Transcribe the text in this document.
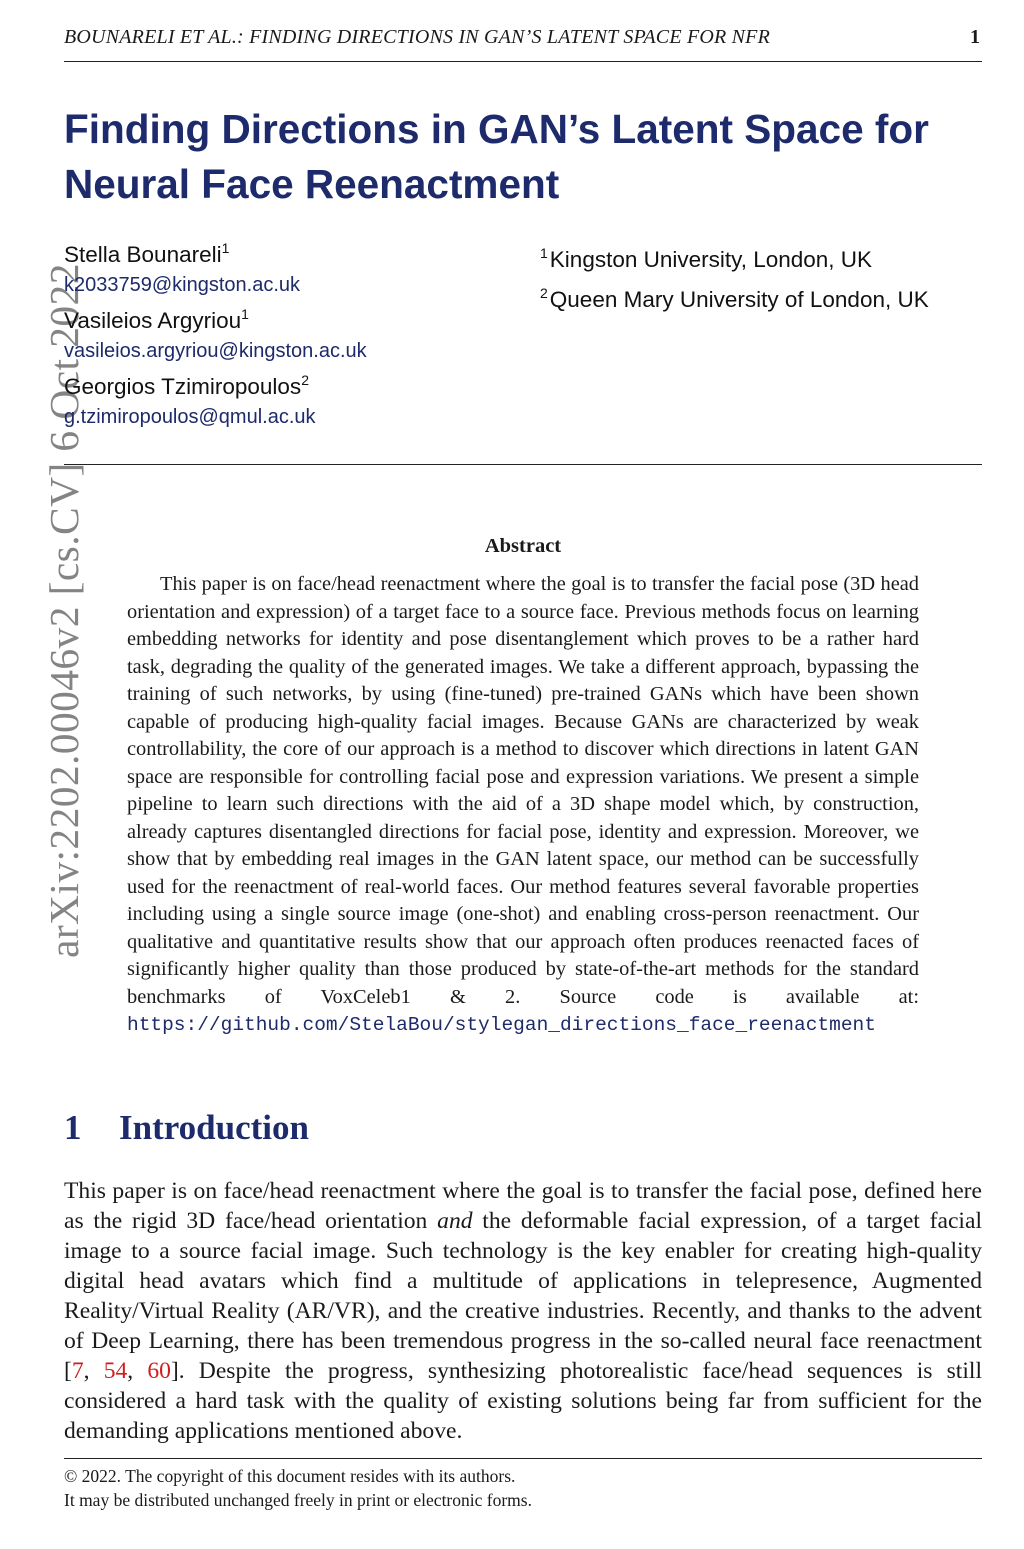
BOUNARELI ET AL.: FINDING DIRECTIONS IN GAN’S LATENT SPACE FOR NFR	1
arXiv:2202.00046v2 [cs.CV] 6 Oct 2022
Finding Directions in GAN’s Latent Space for
Neural Face Reenactment
Stella Bounareli$^1$
k2033759@kingston.ac.uk
Vasileios Argyriou$^1$
vasileios.argyriou@kingston.ac.uk
Georgios Tzimiropoulos$^2$
g.tzimiropoulos@qmul.ac.uk
$^1$Kingston University, London, UK
$^2$Queen Mary University of London, UK
Abstract

This paper is on face/head reenactment where the goal is to transfer the facial pose (3D head orientation and expression) of a target face to a source face. Previous methods focus on learning embedding networks for identity and pose disentanglement which proves to be a rather hard task, degrading the quality of the generated images. We take a different approach, bypassing the training of such networks, by using (fine-tuned) pre-trained GANs which have been shown capable of producing high-quality facial images. Because GANs are characterized by weak controllability, the core of our approach is a method to discover which directions in latent GAN space are responsible for controlling facial pose and expression variations. We present a simple pipeline to learn such directions with the aid of a 3D shape model which, by construction, already captures disentangled directions for facial pose, identity and expression. Moreover, we show that by embedding real images in the GAN latent space, our method can be successfully used for the reenactment of real-world faces. Our method features several favorable properties including using a single source image (one-shot) and enabling cross-person reenactment. Our qualitative and quantitative results show that our approach often produces reenacted faces of significantly higher quality than those produced by state-of-the-art methods for the standard benchmarks of VoxCeleb1 & 2. Source code is available at: https://github.com/StelaBou/stylegan_directions_face_reenactment

1 Introduction

This paper is on face/head reenactment where the goal is to transfer the facial pose, defined here as the rigid 3D face/head orientation and the deformable facial expression, of a target facial image to a source facial image. Such technology is the key enabler for creating high-quality digital head avatars which find a multitude of applications in telepresence, Augmented Reality/Virtual Reality (AR/VR), and the creative industries. Recently, and thanks to the advent of Deep Learning, there has been tremendous progress in the so-called neural face reenactment [7, 54, 60]. Despite the progress, synthesizing photorealistic face/head sequences is still considered a hard task with the quality of existing solutions being far from sufficient for the demanding applications mentioned above.

© 2022. The copyright of this document resides with its authors.
It may be distributed unchanged freely in print or electronic forms.
